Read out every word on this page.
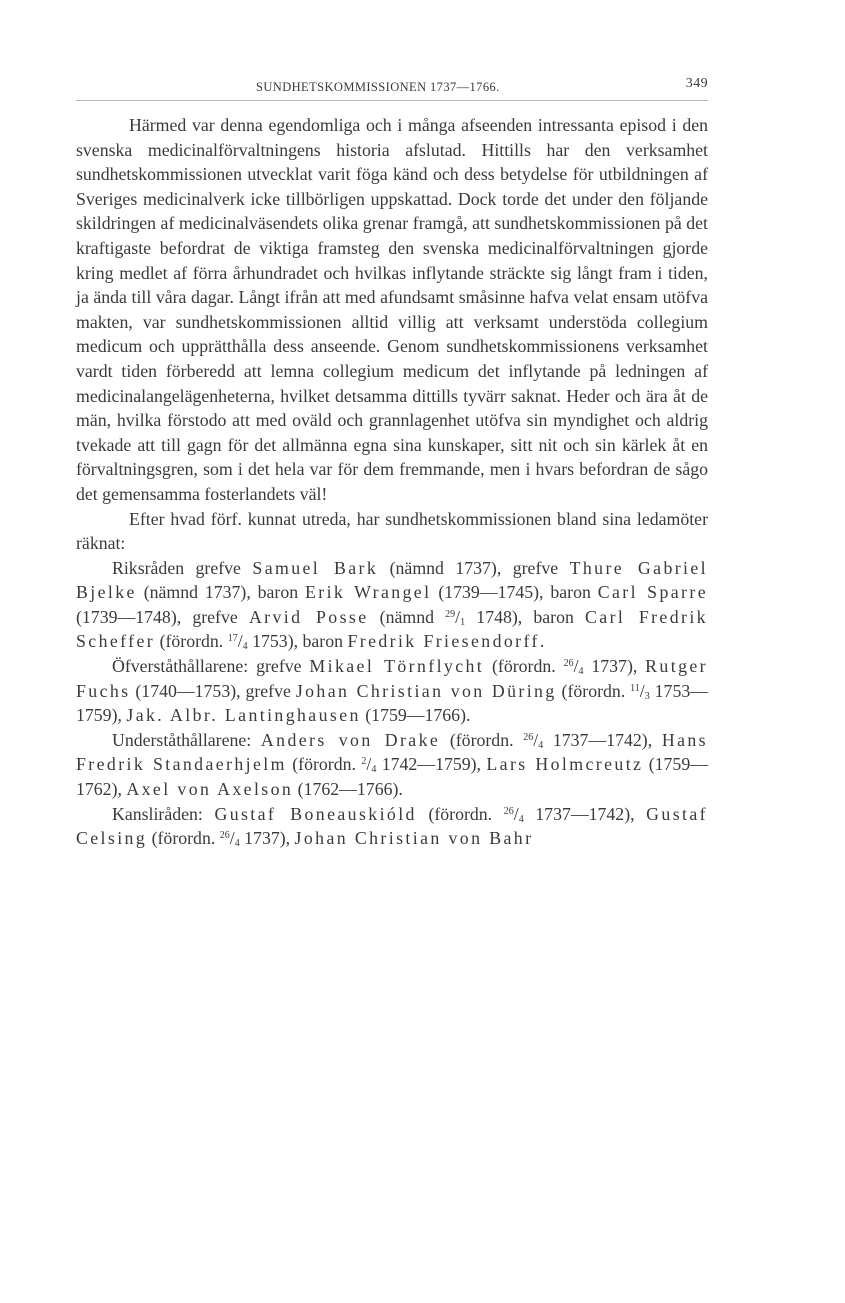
SUNDHETSKOMMISSIONEN 1737—1766.	349

Härmed var denna egendomliga och i många afseenden intressanta episod i den svenska medicinalförvaltningens historia afslutad. Hittills har den verksamhet sundhetskommissionen utvecklat varit föga känd och dess betydelse för utbildningen af Sveriges medicinalverk icke tillbörligen uppskattad. Dock torde det under den följande skildringen af medicinalväsendets olika grenar framgå, att sundhetskommissionen på det kraftigaste befordrat de viktiga framsteg den svenska medicinalförvaltningen gjorde kring medlet af förra århundradet och hvilkas inflytande sträckte sig långt fram i tiden, ja ända till våra dagar. Långt ifrån att med afundsamt småsinne hafva velat ensam utöfva makten, var sundhetskommissionen alltid villig att verksamt understöda collegium medicum och upprätthålla dess anseende. Genom sundhetskommissionens verksamhet vardt tiden förberedd att lemna collegium medicum det inflytande på ledningen af medicinalangelägenheterna, hvilket detsamma dittills tyvärr saknat. Heder och ära åt de män, hvilka förstodo att med oväld och grannlagenhet utöfva sin myndighet och aldrig tvekade att till gagn för det allmänna egna sina kunskaper, sitt nit och sin kärlek åt en förvaltningsgren, som i det hela var för dem fremmande, men i hvars befordran de sågo det gemensamma fosterlandets väl!

Efter hvad förf. kunnat utreda, har sundhetskommissionen bland sina ledamöter räknat:

Riksråden grefve Samuel Bark (nämnd 1737), grefve Thure Gabriel Bjelke (nämnd 1737), baron Erik Wrangel (1739—1745), baron Carl Sparre (1739—1748), grefve Arvid Posse (nämnd $^{29}/_1$ 1748), baron Carl Fredrik Scheffer (förordn. $^{17}/_4$ 1753), baron Fredrik Friesendorff.

Öfverståthållarene: grefve Mikael Törnflycht (förordn. $^{26}/_4$ 1737), Rutger Fuchs (1740—1753), grefve Johan Christian von Düring (förordn. $^{11}/_3$ 1753—1759), Jak. Albr. Lantinghausen (1759—1766).

Underståthållarene: Anders von Drake (förordn. $^{26}/_4$ 1737—1742), Hans Fredrik Standaerhjelm (förordn. $^2/_4$ 1742—1759), Lars Holmcreutz (1759—1762), Axel von Axelson (1762—1766).

Kansliråden: Gustaf Boneauskióld (förordn. $^{26}/_4$ 1737—1742), Gustaf Celsing (förordn. $^{26}/_4$ 1737), Johan Christian von Bahr
